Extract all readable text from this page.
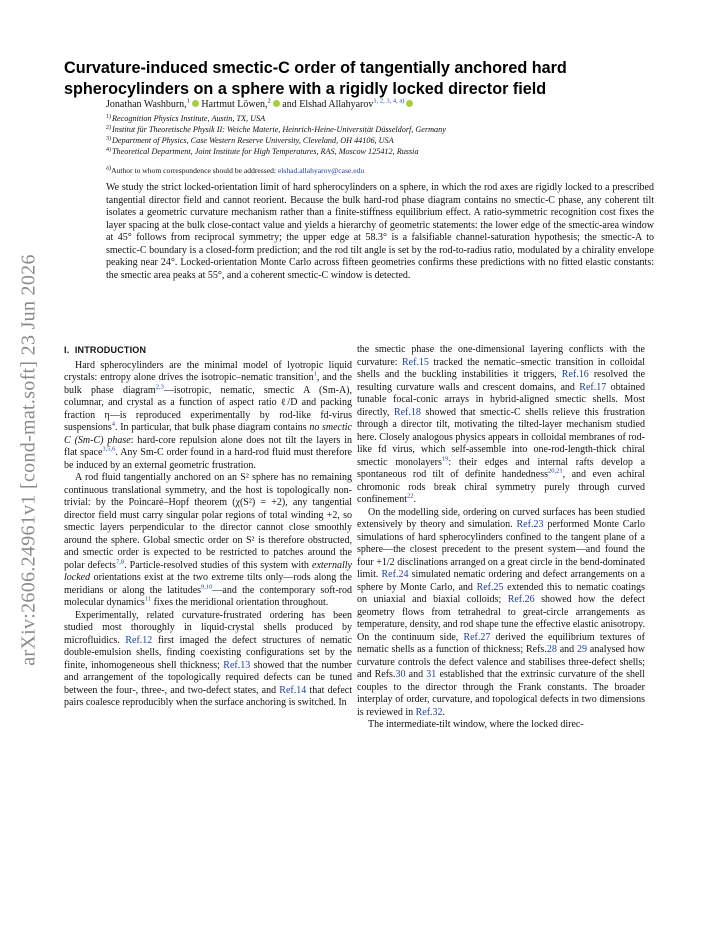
arXiv:2606.24961v1 [cond-mat.soft] 23 Jun 2026
Curvature-induced smectic-C order of tangentially anchored hard spherocylinders on a sphere with a rigidly locked director field
Jonathan Washburn,$^1$ Hartmut Löwen,$^2$ and Elshad Allahyarov$^{1, 2, 3, 4, a)}$
$^{1)}$Recognition Physics Institute, Austin, TX, USA
$^{2)}$Institut für Theoretische Physik II: Weiche Materie, Heinrich-Heine-Universität Düsseldorf, Germany
$^{3)}$Department of Physics, Case Western Reserve University, Cleveland, OH 44106, USA
$^{4)}$Theoretical Department, Joint Institute for High Temperatures, RAS, Moscow 125412, Russia
$^{a)}$Author to whom correspondence should be addressed: elshad.allahyarov@case.edu

We study the strict locked-orientation limit of hard spherocylinders on a sphere, in which the rod axes are rigidly locked to a prescribed tangential director field and cannot reorient. Because the bulk hard-rod phase diagram contains no smectic-C phase, any coherent tilt isolates a geometric curvature mechanism rather than a finite-stiffness equilibrium effect. A ratio-symmetric recognition cost fixes the layer spacing at the bulk close-contact value and yields a hierarchy of geometric statements: the lower edge of the smectic-area window at 45° follows from reciprocal symmetry; the upper edge at 58.3° is a falsifiable channel-saturation hypothesis; the smectic-A to smectic-C boundary is a closed-form prediction; and the rod tilt angle is set by the rod-to-radius ratio, modulated by a chirality envelope peaking near 24°. Locked-orientation Monte Carlo across fifteen geometries confirms these predictions with no fitted elastic constants: the smectic area peaks at 55°, and a coherent smectic-C window is detected.

I. INTRODUCTION

Hard spherocylinders are the minimal model of lyotropic liquid crystals: entropy alone drives the isotropic–nematic transition$^1$, and the bulk phase diagram$^{2,3}$—isotropic, nematic, smectic A (Sm-A), columnar, and crystal as a function of aspect ratio ℓ/D and packing fraction η—is reproduced experimentally by rod-like fd-virus suspensions$^4$. In particular, that bulk phase diagram contains no smectic C (Sm-C) phase: hard-core repulsion alone does not tilt the layers in flat space$^{3,5,6}$. Any Sm-C order found in a hard-rod fluid must therefore be induced by an external geometric frustration.

A rod fluid tangentially anchored on an S² sphere has no remaining continuous translational symmetry, and the host is topologically non-trivial: by the Poincaré–Hopf theorem (χ(S²) = +2), any tangential director field must carry singular polar regions of total winding +2, so smectic layers perpendicular to the director cannot close smoothly around the sphere. Global smectic order on S² is therefore obstructed, and smectic order is expected to be restricted to patches around the polar defects$^{7,8}$. Particle-resolved studies of this system with externally locked orientations exist at the two extreme tilts only—rods along the meridians or along the latitudes$^{9,10}$—and the contemporary soft-rod molecular dynamics$^{11}$ fixes the meridional orientation throughout.

Experimentally, related curvature-frustrated ordering has been studied most thoroughly in liquid-crystal shells produced by microfluidics. Ref.12 first imaged the defect structures of nematic double-emulsion shells, finding coexisting configurations set by the finite, inhomogeneous shell thickness; Ref.13 showed that the number and arrangement of the topologically required defects can be tuned between the four-, three-, and two-defect states, and Ref.14 that defect pairs coalesce reproducibly when the surface anchoring is switched. In

the smectic phase the one-dimensional layering conflicts with the curvature: Ref.15 tracked the nematic–smectic transition in colloidal shells and the buckling instabilities it triggers, Ref.16 resolved the resulting curvature walls and crescent domains, and Ref.17 obtained tunable focal-conic arrays in hybrid-aligned smectic shells. Most directly, Ref.18 showed that smectic-C shells relieve this frustration through a director tilt, motivating the tilted-layer mechanism studied here. Closely analogous physics appears in colloidal membranes of rod-like fd virus, which self-assemble into one-rod-length-thick chiral smectic monolayers$^{19}$: their edges and internal rafts develop a spontaneous rod tilt of definite handedness$^{20,21}$, and even achiral chromonic rods break chiral symmetry purely through curved confinement$^{22}$.

On the modelling side, ordering on curved surfaces has been studied extensively by theory and simulation. Ref.23 performed Monte Carlo simulations of hard spherocylinders confined to the tangent plane of a sphere—the closest precedent to the present system—and found the four +1/2 disclinations arranged on a great circle in the bend-dominated limit. Ref.24 simulated nematic ordering and defect arrangements on a sphere by Monte Carlo, and Ref.25 extended this to nematic coatings on uniaxial and biaxial colloids; Ref.26 showed how the defect geometry flows from tetrahedral to great-circle arrangements as temperature, density, and rod shape tune the effective elastic anisotropy. On the continuum side, Ref.27 derived the equilibrium textures of nematic shells as a function of thickness; Refs.28 and 29 analysed how curvature controls the defect valence and stabilises three-defect shells; and Refs.30 and 31 established that the extrinsic curvature of the shell couples to the director through the Frank constants. The broader interplay of order, curvature, and topological defects in two dimensions is reviewed in Ref.32.

The intermediate-tilt window, where the locked direc-
